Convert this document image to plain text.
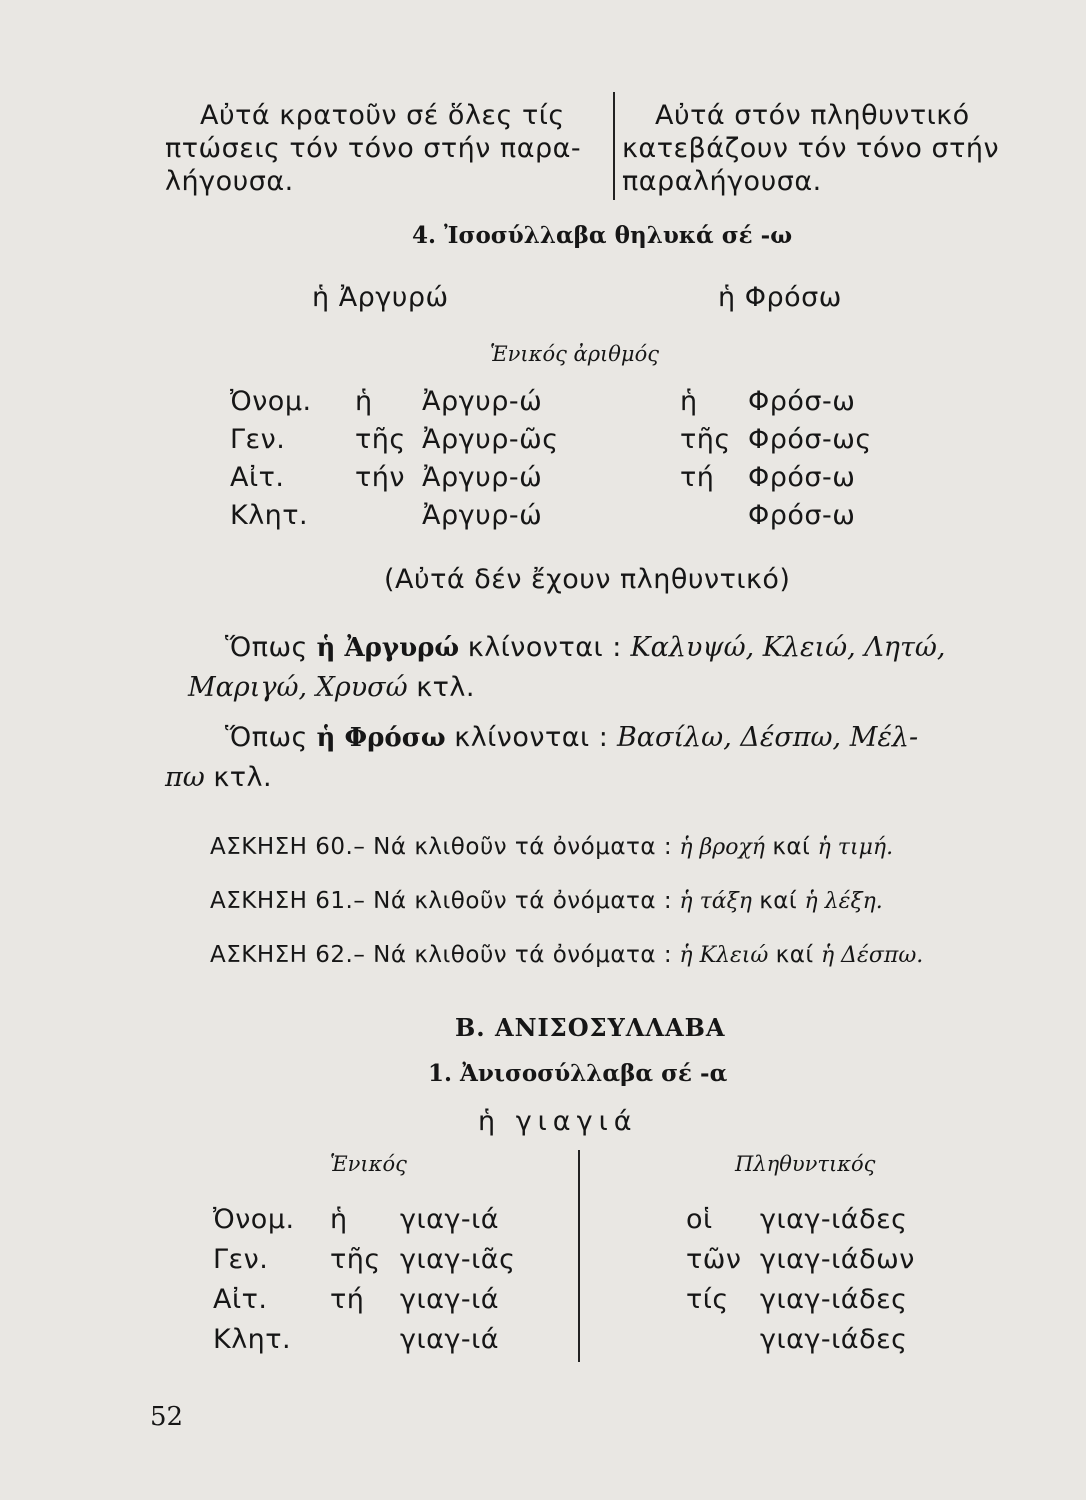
Αὐτά κρατοῦν σέ ὅλες τίς
πτώσεις τόν τόνο στήν παρα-
λήγουσα.
Αὐτά στόν πληθυντικό
κατεβάζουν τόν τόνο στήν
παραλήγουσα.
4. Ἰσοσύλλαβα θηλυκά σέ -ω
ἡ Ἀργυρώ	ἡ Φρόσω
Ἑνικός ἀριθμός
Ὀνομ. ἡ Ἀργυρ-ώ	ἡ Φρόσ-ω
Γεν.	τῆς Ἀργυρ-ῶς	τῆς Φρόσ-ως
Αἰτ.	τήν Ἀργυρ-ώ	τή Φρόσ-ω
Κλητ.	Ἀργυρ-ώ	Φρόσ-ω
(Αὐτά δέν ἔχουν πληθυντικό)
Ὅπως ἡ Ἀργυρώ κλίνονται : Καλυψώ, Κλειώ, Λητώ,
Μαριγώ, Χρυσώ κτλ.
Ὅπως ἡ Φρόσω κλίνονται : Βασίλω, Δέσπω, Μέλ-
πω κτλ.
ΑΣΚΗΣΗ 60.– Νά κλιθοῦν τά ὀνόματα : ἡ βροχή καί ἡ τιμή.
ΑΣΚΗΣΗ 61.– Νά κλιθοῦν τά ὀνόματα : ἡ τάξη καί ἡ λέξη.
ΑΣΚΗΣΗ 62.– Νά κλιθοῦν τά ὀνόματα : ἡ Κλειώ καί ἡ Δέσπω.
Β. ΑΝΙΣΟΣΥΛΛΑΒΑ
1. Ἀνισοσύλλαβα σέ -α
ἡ γιαγιά
Ἑνικός	Πληθυντικός
Ὀνομ. ἡ γιαγ-ιά	οἱ γιαγ-ιάδες
Γεν. τῆς γιαγ-ιᾶς	τῶν γιαγ-ιάδων
Αἰτ. τή γιαγ-ιά	τίς γιαγ-ιάδες
Κλητ.	γιαγ-ιά	γιαγ-ιάδες
52
